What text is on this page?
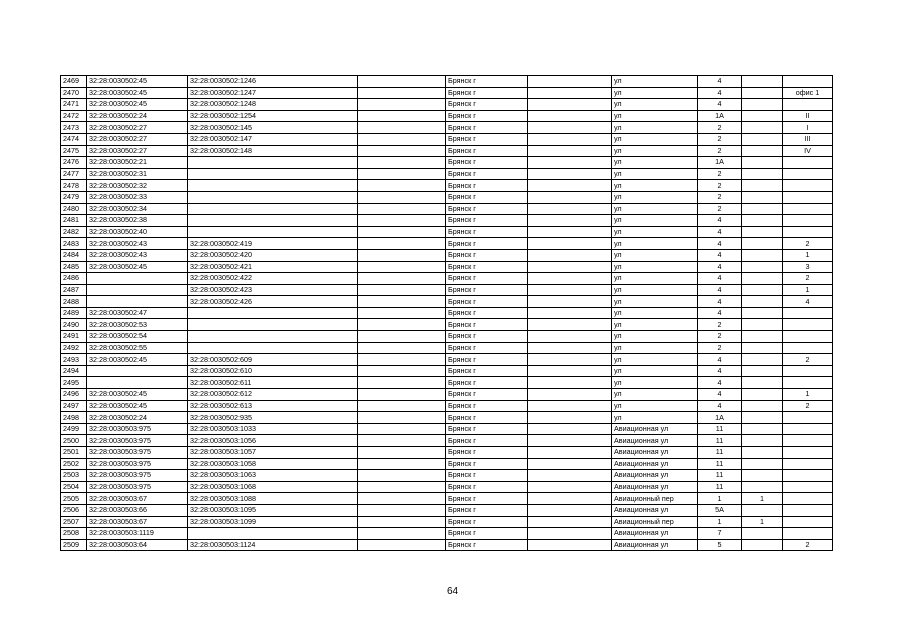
2469	32:28:0030502:45	32:28:0030502:1246		Брянск г		ул	4		
2470	32:28:0030502:45	32:28:0030502:1247		Брянск г		ул	4		офис 1
2471	32:28:0030502:45	32:28:0030502:1248		Брянск г		ул	4		
2472	32:28:0030502:24	32:28:0030502:1254		Брянск г		ул	1А		II
2473	32:28:0030502:27	32:28:0030502:145		Брянск г		ул	2		I
2474	32:28:0030502:27	32:28:0030502:147		Брянск г		ул	2		III
2475	32:28:0030502:27	32:28:0030502:148		Брянск г		ул	2		IV
2476	32:28:0030502:21			Брянск г		ул	1А		
2477	32:28:0030502:31			Брянск г		ул	2		
2478	32:28:0030502:32			Брянск г		ул	2		
2479	32:28:0030502:33			Брянск г		ул	2		
2480	32:28:0030502:34			Брянск г		ул	2		
2481	32:28:0030502:38			Брянск г		ул	4		
2482	32:28:0030502:40			Брянск г		ул	4		
2483	32:28:0030502:43	32:28:0030502:419		Брянск г		ул	4		2
2484	32:28:0030502:43	32:28:0030502:420		Брянск г		ул	4		1
2485	32:28:0030502:45	32:28:0030502:421		Брянск г		ул	4		3
2486		32:28:0030502:422		Брянск г		ул	4		2
2487		32:28:0030502:423		Брянск г		ул	4		1
2488		32:28:0030502:426		Брянск г		ул	4		4
2489	32:28:0030502:47			Брянск г		ул	4		
2490	32:28:0030502:53			Брянск г		ул	2		
2491	32:28:0030502:54			Брянск г		ул	2		
2492	32:28:0030502:55			Брянск г		ул	2		
2493	32:28:0030502:45	32:28:0030502:609		Брянск г		ул	4		2
2494		32:28:0030502:610		Брянск г		ул	4		
2495		32:28:0030502:611		Брянск г		ул	4		
2496	32:28:0030502:45	32:28:0030502:612		Брянск г		ул	4		1
2497	32:28:0030502:45	32:28:0030502:613		Брянск г		ул	4		2
2498	32:28:0030502:24	32:28:0030502:935		Брянск г		ул	1А		
2499	32:28:0030503:975	32:28:0030503:1033		Брянск г		Авиационная ул	11		
2500	32:28:0030503:975	32:28:0030503:1056		Брянск г		Авиационная ул	11		
2501	32:28:0030503:975	32:28:0030503:1057		Брянск г		Авиационная ул	11		
2502	32:28:0030503:975	32:28:0030503:1058		Брянск г		Авиационная ул	11		
2503	32:28:0030503:975	32:28:0030503:1063		Брянск г		Авиационная ул	11		
2504	32:28:0030503:975	32:28:0030503:1068		Брянск г		Авиационная ул	11		
2505	32:28:0030503:67	32:28:0030503:1088		Брянск г		Авиационный пер	1	1	
2506	32:28:0030503:66	32:28:0030503:1095		Брянск г		Авиационная ул	5А		
2507	32:28:0030503:67	32:28:0030503:1099		Брянск г		Авиационный пер	1	1	
2508	32:28:0030503:1119			Брянск г		Авиационная ул	7		
2509	32:28:0030503:64	32:28:0030503:1124		Брянск г		Авиационная ул	5		2
64
